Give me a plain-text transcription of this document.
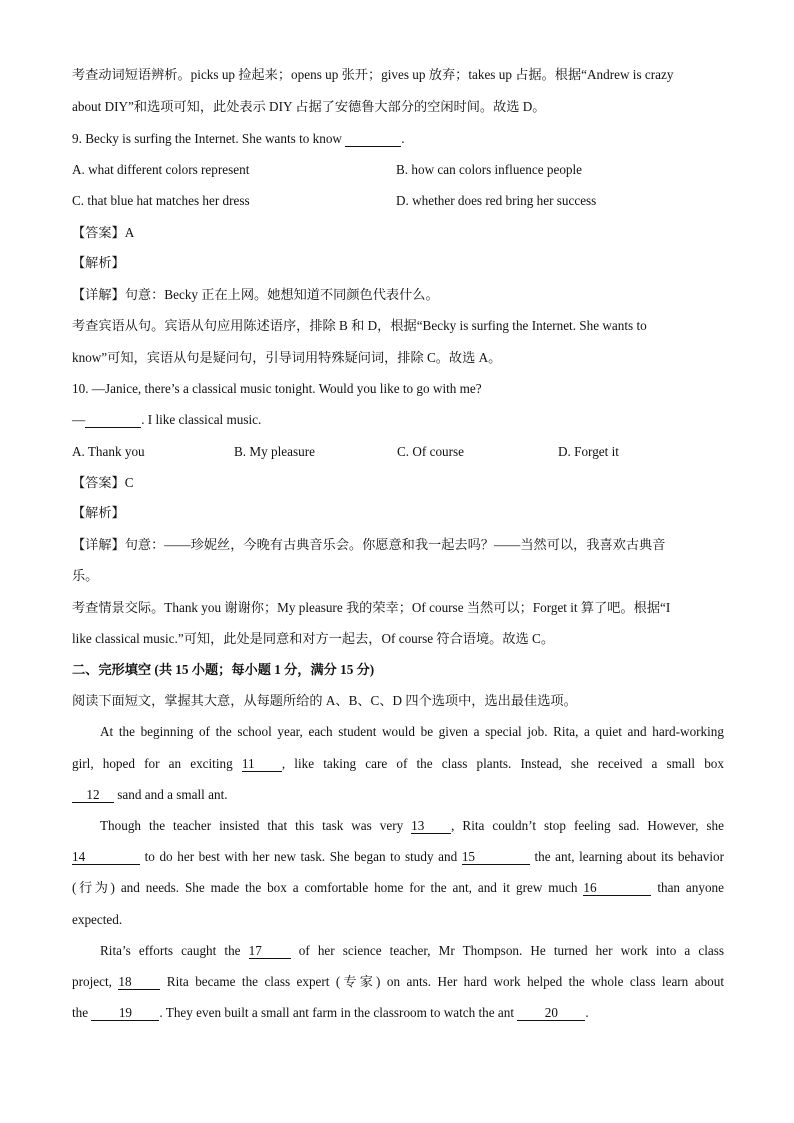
考查动词短语辨析。picks up 捡起来；opens up 张开；gives up 放弃；takes up 占据。根据“Andrew is crazy
about DIY”和选项可知，此处表示 DIY 占据了安德鲁大部分的空闲时间。故选 D。
9. Becky is surfing the Internet. She wants to know	.
A. what different colors represent	B. how can colors influence people
C. that blue hat matches her dress	D. whether does red bring her success
【答案】A
【解析】
【详解】句意：Becky 正在上网。她想知道不同颜色代表什么。
考查宾语从句。宾语从句应用陈述语序，排除 B 和 D，根据“Becky is surfing the Internet. She wants to
know”可知，宾语从句是疑问句，引导词用特殊疑问词，排除 C。故选 A。
10. —Janice, there’s a classical music tonight. Would you like to go with me?
—	. I like classical music.
A. Thank you	B. My pleasure	C. Of course	D. Forget it
【答案】C
【解析】
【详解】句意：——珍妮丝，今晚有古典音乐会。你愿意和我一起去吗？——当然可以，我喜欢古典音
乐。
考查情景交际。Thank you 谢谢你；My pleasure 我的荣幸；Of course 当然可以；Forget it 算了吧。根据“I
like classical music.”可知，此处是同意和对方一起去，Of course 符合语境。故选 C。
二、完形填空 (共 15 小题；每小题 1 分，满分 15 分)
阅读下面短文，掌握其大意，从每题所给的 A、B、C、D 四个选项中，选出最佳选项。
At the beginning of the school year, each student would be given a special job. Rita, a quiet and hard-working
girl, hoped for an exciting 11 , like taking care of the class plants. Instead, she received a small box
12 sand and a small ant.
Though the teacher insisted that this task was very 13 , Rita couldn’t stop feeling sad. However, she
14	to do her best with her new task. She began to study and 15	the ant, learning about its behavior
(行为) and needs. She made the box a comfortable home for the ant, and it grew much 16	than anyone
expected.
Rita’s efforts caught the 17	of her science teacher, Mr Thompson. He turned her work into a class
project, 18	Rita became the class expert (专家) on ants. Her hard work helped the whole class learn about
the 19 . They even built a small ant farm in the classroom to watch the ant 20 .
